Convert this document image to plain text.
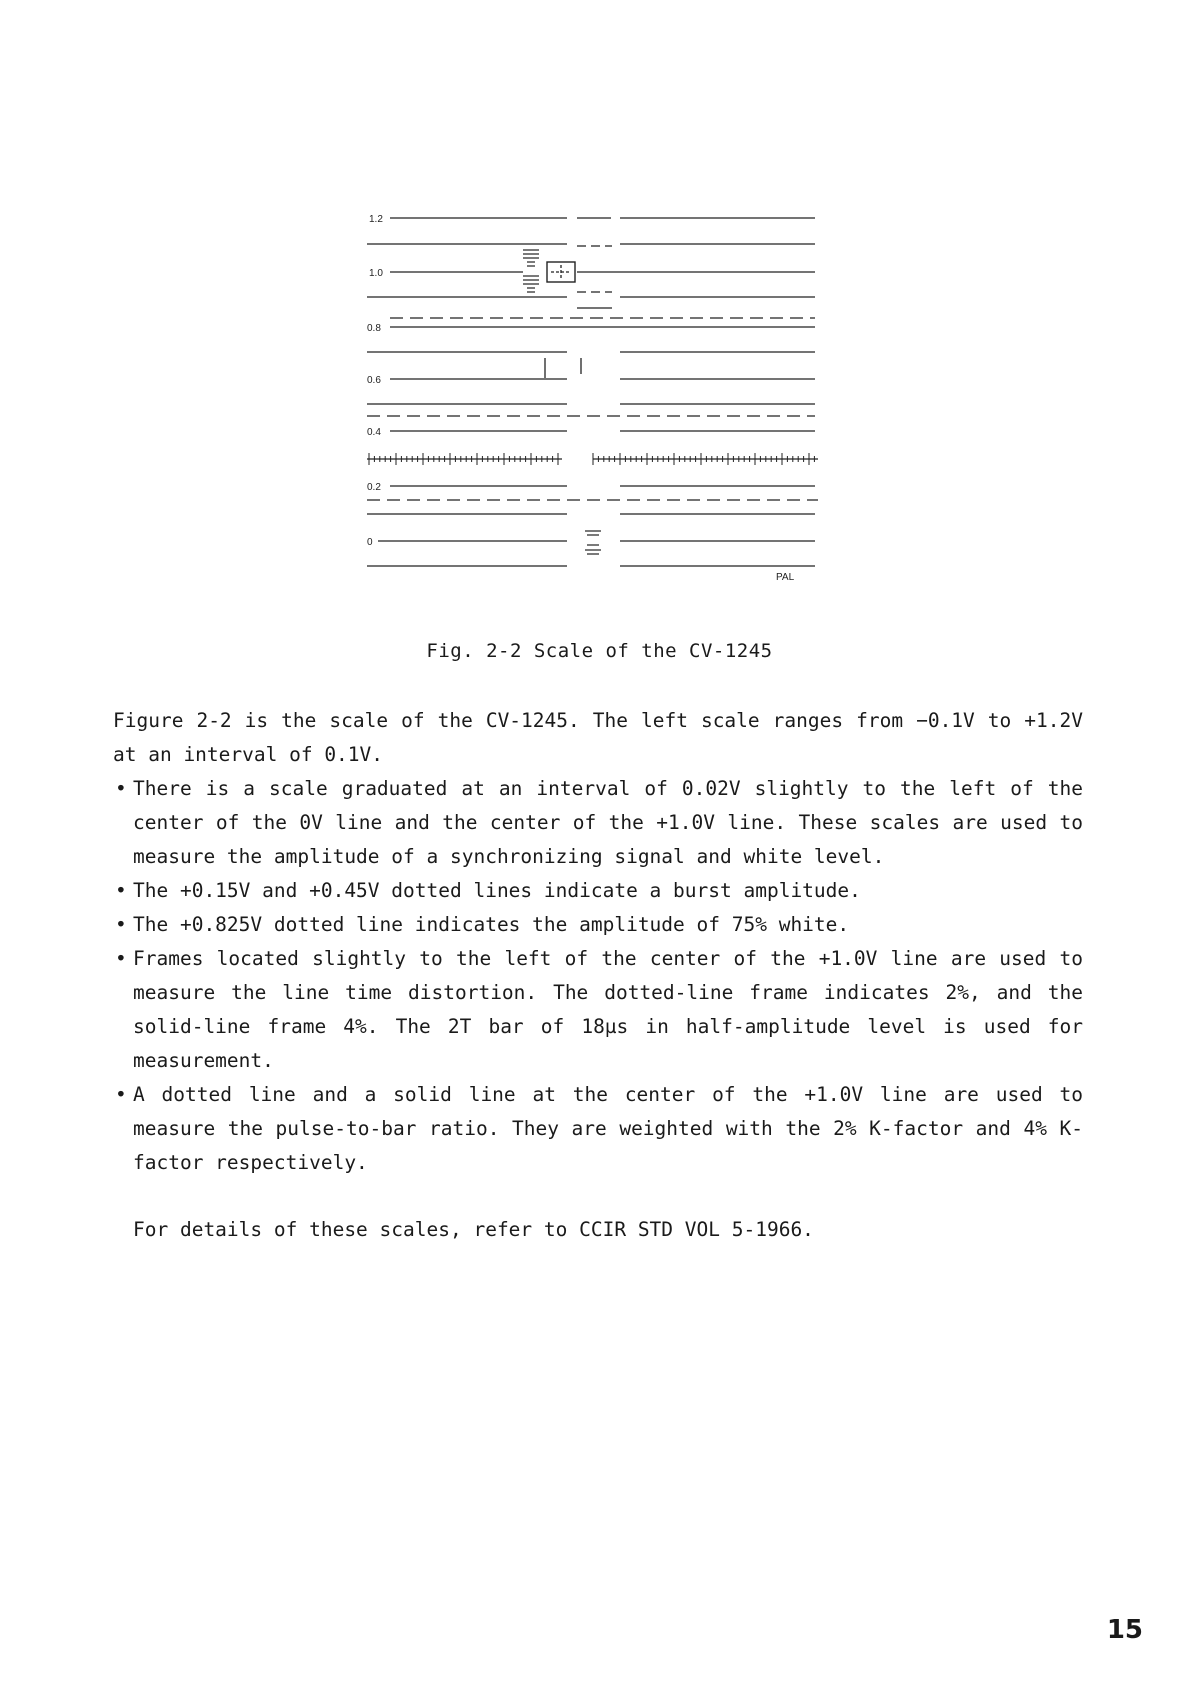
1.2
1.0
0.8
0.6
0.4
0.2
0
PAL
Fig. 2-2 Scale of the CV-1245

Figure 2-2 is the scale of the CV-1245. The left scale ranges from −0.1V to +1.2V at an interval of 0.1V.

• There is a scale graduated at an interval of 0.02V slightly to the left of the center of the 0V line and the center of the +1.0V line. These scales are used to measure the amplitude of a synchronizing signal and white level.
• The +0.15V and +0.45V dotted lines indicate a burst amplitude.
• The +0.825V dotted line indicates the amplitude of 75% white.
• Frames located slightly to the left of the center of the +1.0V line are used to measure the line time distortion. The dotted-line frame indicates 2%, and the solid-line frame 4%. The 2T bar of 18µs in half-amplitude level is used for measurement.
• A dotted line and a solid line at the center of the +1.0V line are used to measure the pulse-to-bar ratio. They are weighted with the 2% K-factor and 4% K-factor respectively.

For details of these scales, refer to CCIR STD VOL 5-1966.

15
